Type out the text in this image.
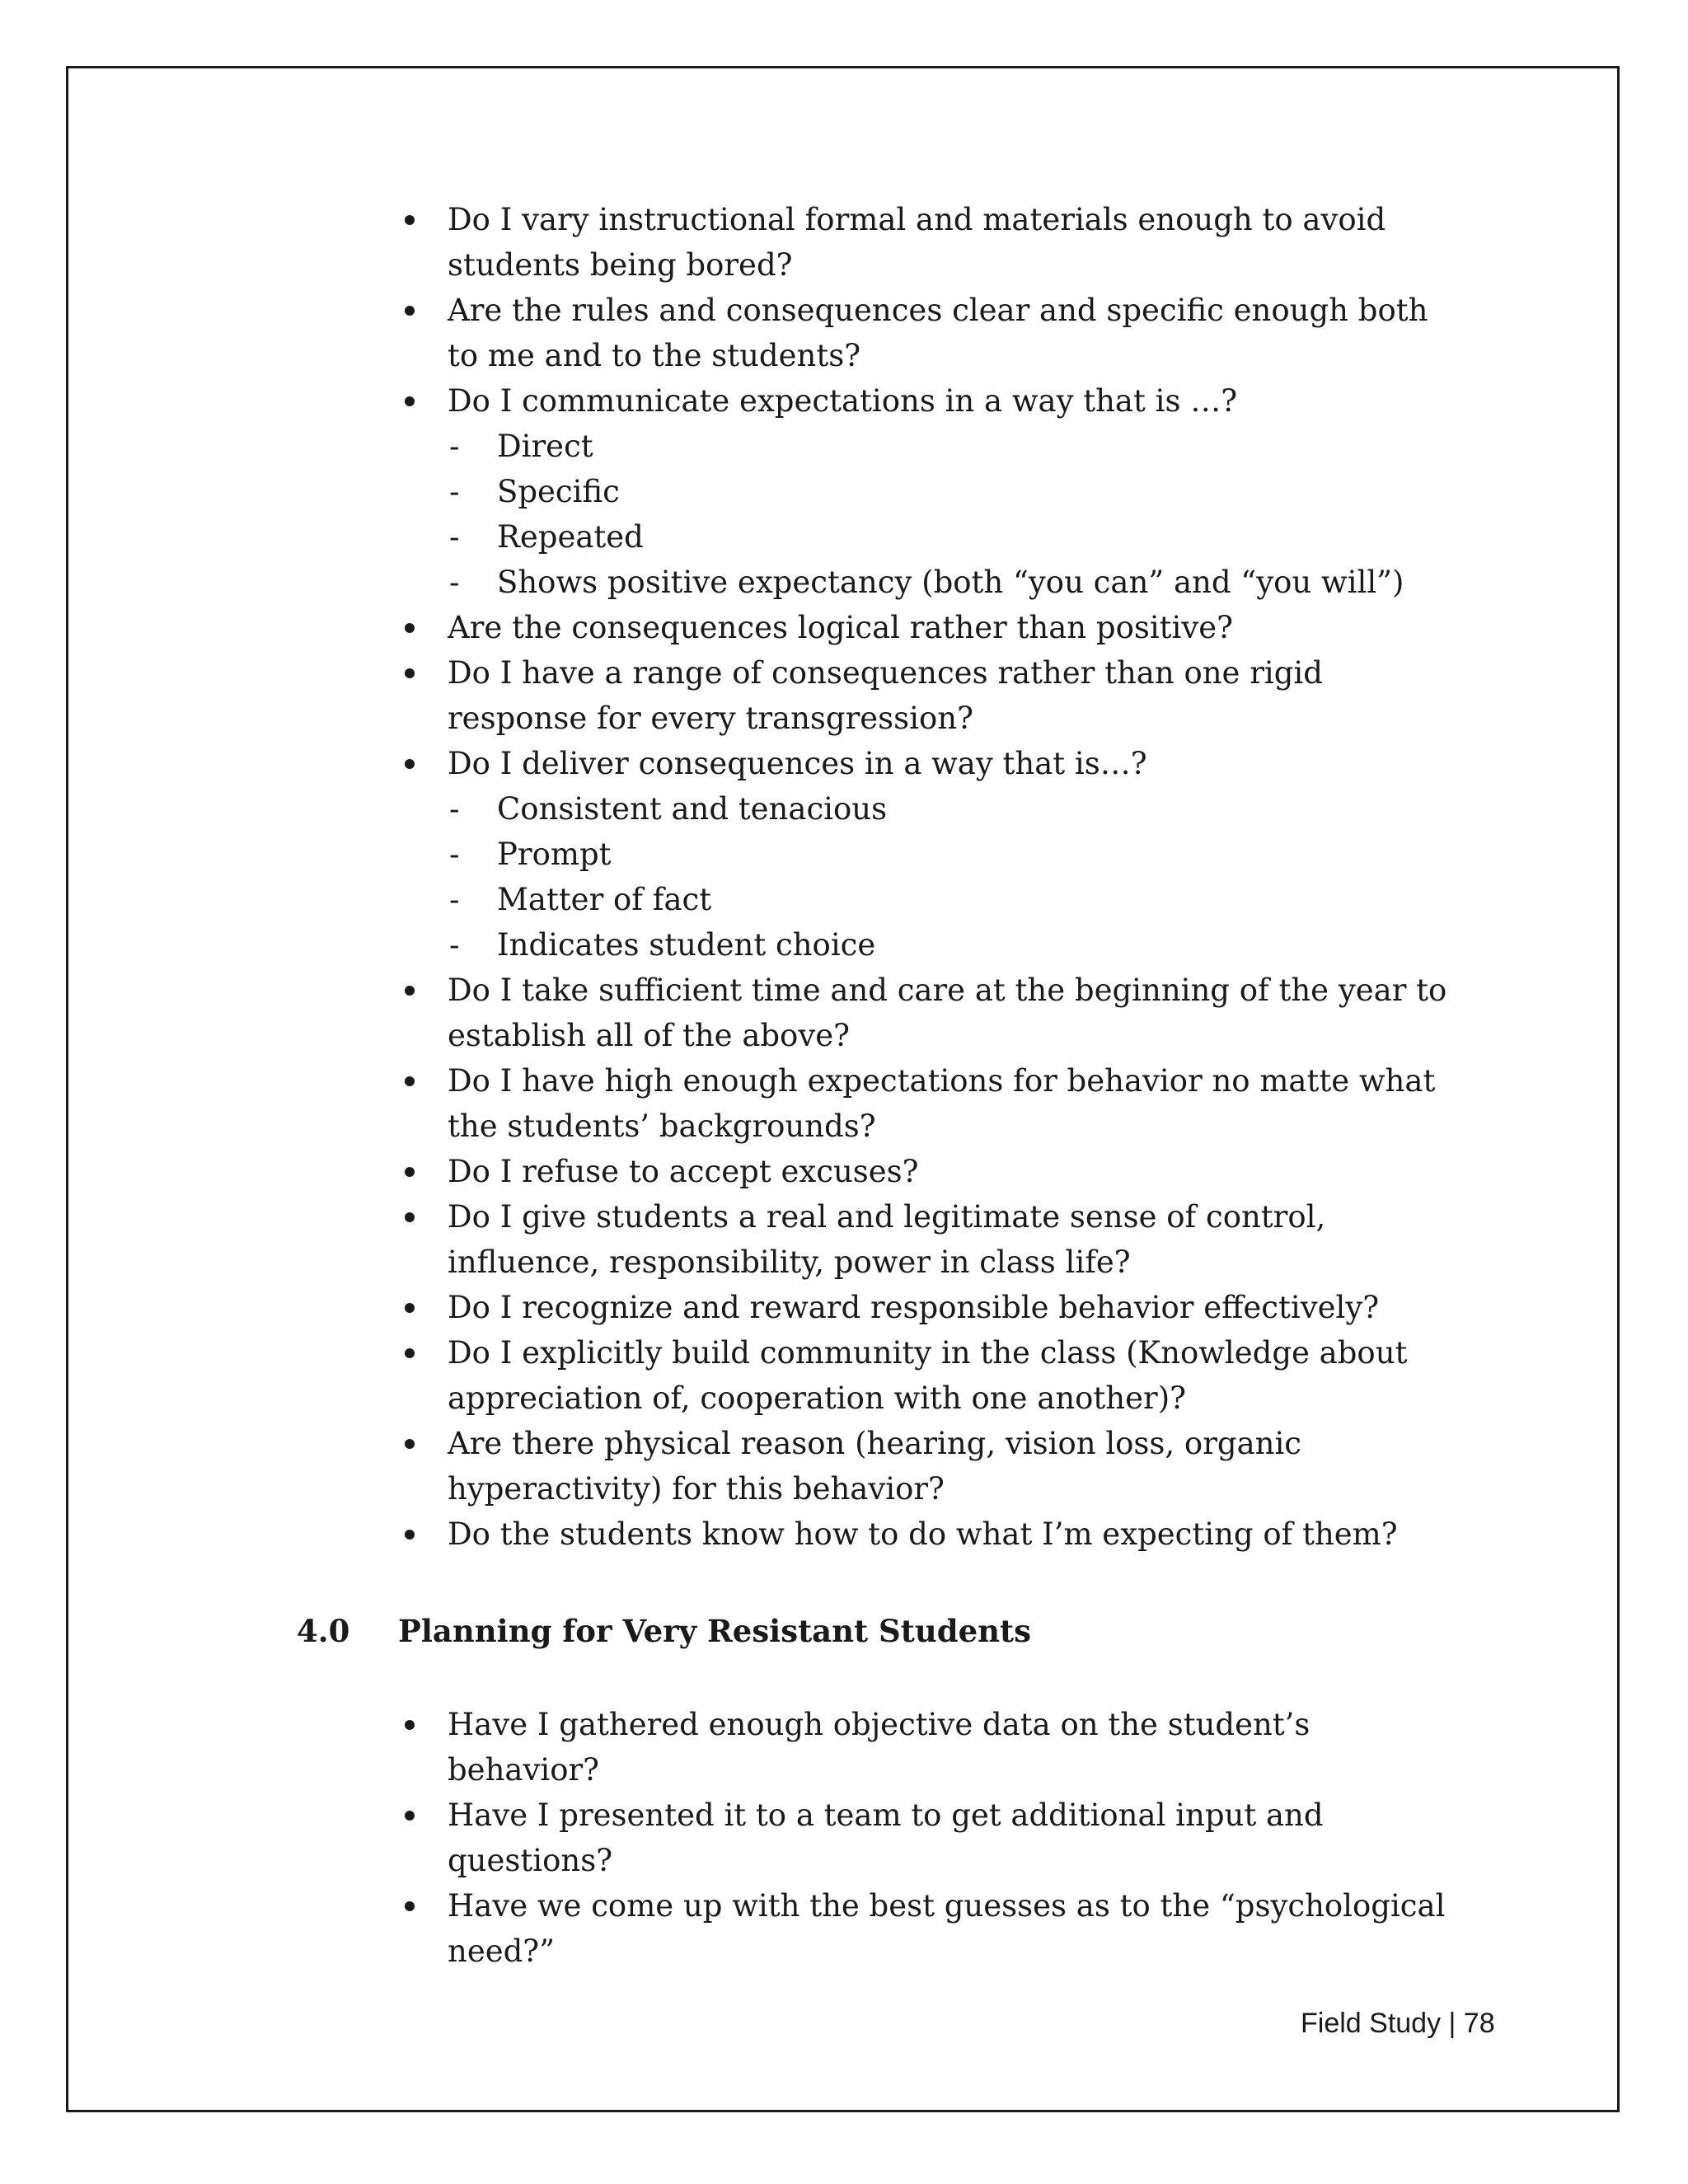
Do I vary instructional formal and materials enough to avoid
students being bored?
Are the rules and consequences clear and specific enough both
to me and to the students?
Do I communicate expectations in a way that is …?
- Direct
- Specific
- Repeated
- Shows positive expectancy (both “you can” and “you will”)
Are the consequences logical rather than positive?
Do I have a range of consequences rather than one rigid
response for every transgression?
Do I deliver consequences in a way that is…?
- Consistent and tenacious
- Prompt
- Matter of fact
- Indicates student choice
Do I take sufficient time and care at the beginning of the year to
establish all of the above?
Do I have high enough expectations for behavior no matte what
the students’ backgrounds?
Do I refuse to accept excuses?
Do I give students a real and legitimate sense of control,
influence, responsibility, power in class life?
Do I recognize and reward responsible behavior effectively?
Do I explicitly build community in the class (Knowledge about
appreciation of, cooperation with one another)?
Are there physical reason (hearing, vision loss, organic
hyperactivity) for this behavior?
Do the students know how to do what I’m expecting of them?
4.0 Planning for Very Resistant Students
Have I gathered enough objective data on the student’s
behavior?
Have I presented it to a team to get additional input and
questions?
Have we come up with the best guesses as to the “psychological
need?”
Field Study | 78
